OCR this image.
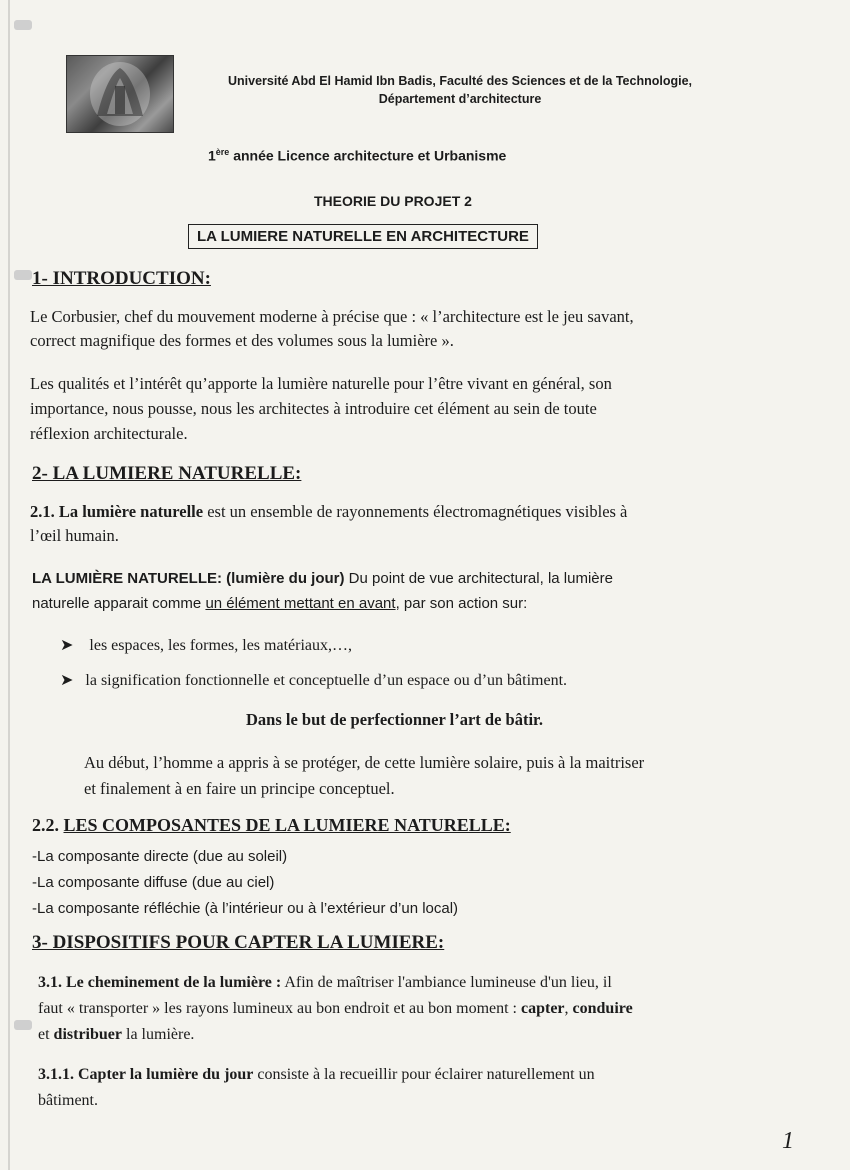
Université Abd El Hamid Ibn Badis, Faculté des Sciences et de la Technologie,
Département d’architecture
1ère année Licence architecture et Urbanisme
THEORIE DU PROJET 2
LA LUMIERE NATURELLE EN ARCHITECTURE
1- INTRODUCTION:
Le Corbusier, chef du mouvement moderne à précise que : « l’architecture est le jeu savant,
correct magnifique des formes et des volumes sous la lumière ».
Les qualités et l’intérêt qu’apporte la lumière naturelle pour l’être vivant en général, son
importance, nous pousse, nous les architectes à introduire cet élément au sein de toute
réflexion architecturale.
2- LA LUMIERE NATURELLE:
2.1. La lumière naturelle est un ensemble de rayonnements électromagnétiques visibles à
l’œil humain.
LA LUMIÈRE NATURELLE: (lumière du jour) Du point de vue architectural, la lumière
naturelle apparait comme un élément mettant en avant, par son action sur:
➤ les espaces, les formes, les matériaux,…,
➤ la signification fonctionnelle et conceptuelle d’un espace ou d’un bâtiment.
Dans le but de perfectionner l’art de bâtir.
Au début, l’homme a appris à se protéger, de cette lumière solaire, puis à la maitriser
et finalement à en faire un principe conceptuel.
2.2. LES COMPOSANTES DE LA LUMIERE NATURELLE:
-La composante directe (due au soleil)
-La composante diffuse (due au ciel)
-La composante réfléchie (à l’intérieur ou à l’extérieur d’un local)
3- DISPOSITIFS POUR CAPTER LA LUMIERE:
3.1. Le cheminement de la lumière : Afin de maîtriser l'ambiance lumineuse d'un lieu, il
faut « transporter » les rayons lumineux au bon endroit et au bon moment : capter, conduire
et distribuer la lumière.
3.1.1. Capter la lumière du jour consiste à la recueillir pour éclairer naturellement un
bâtiment.
1
